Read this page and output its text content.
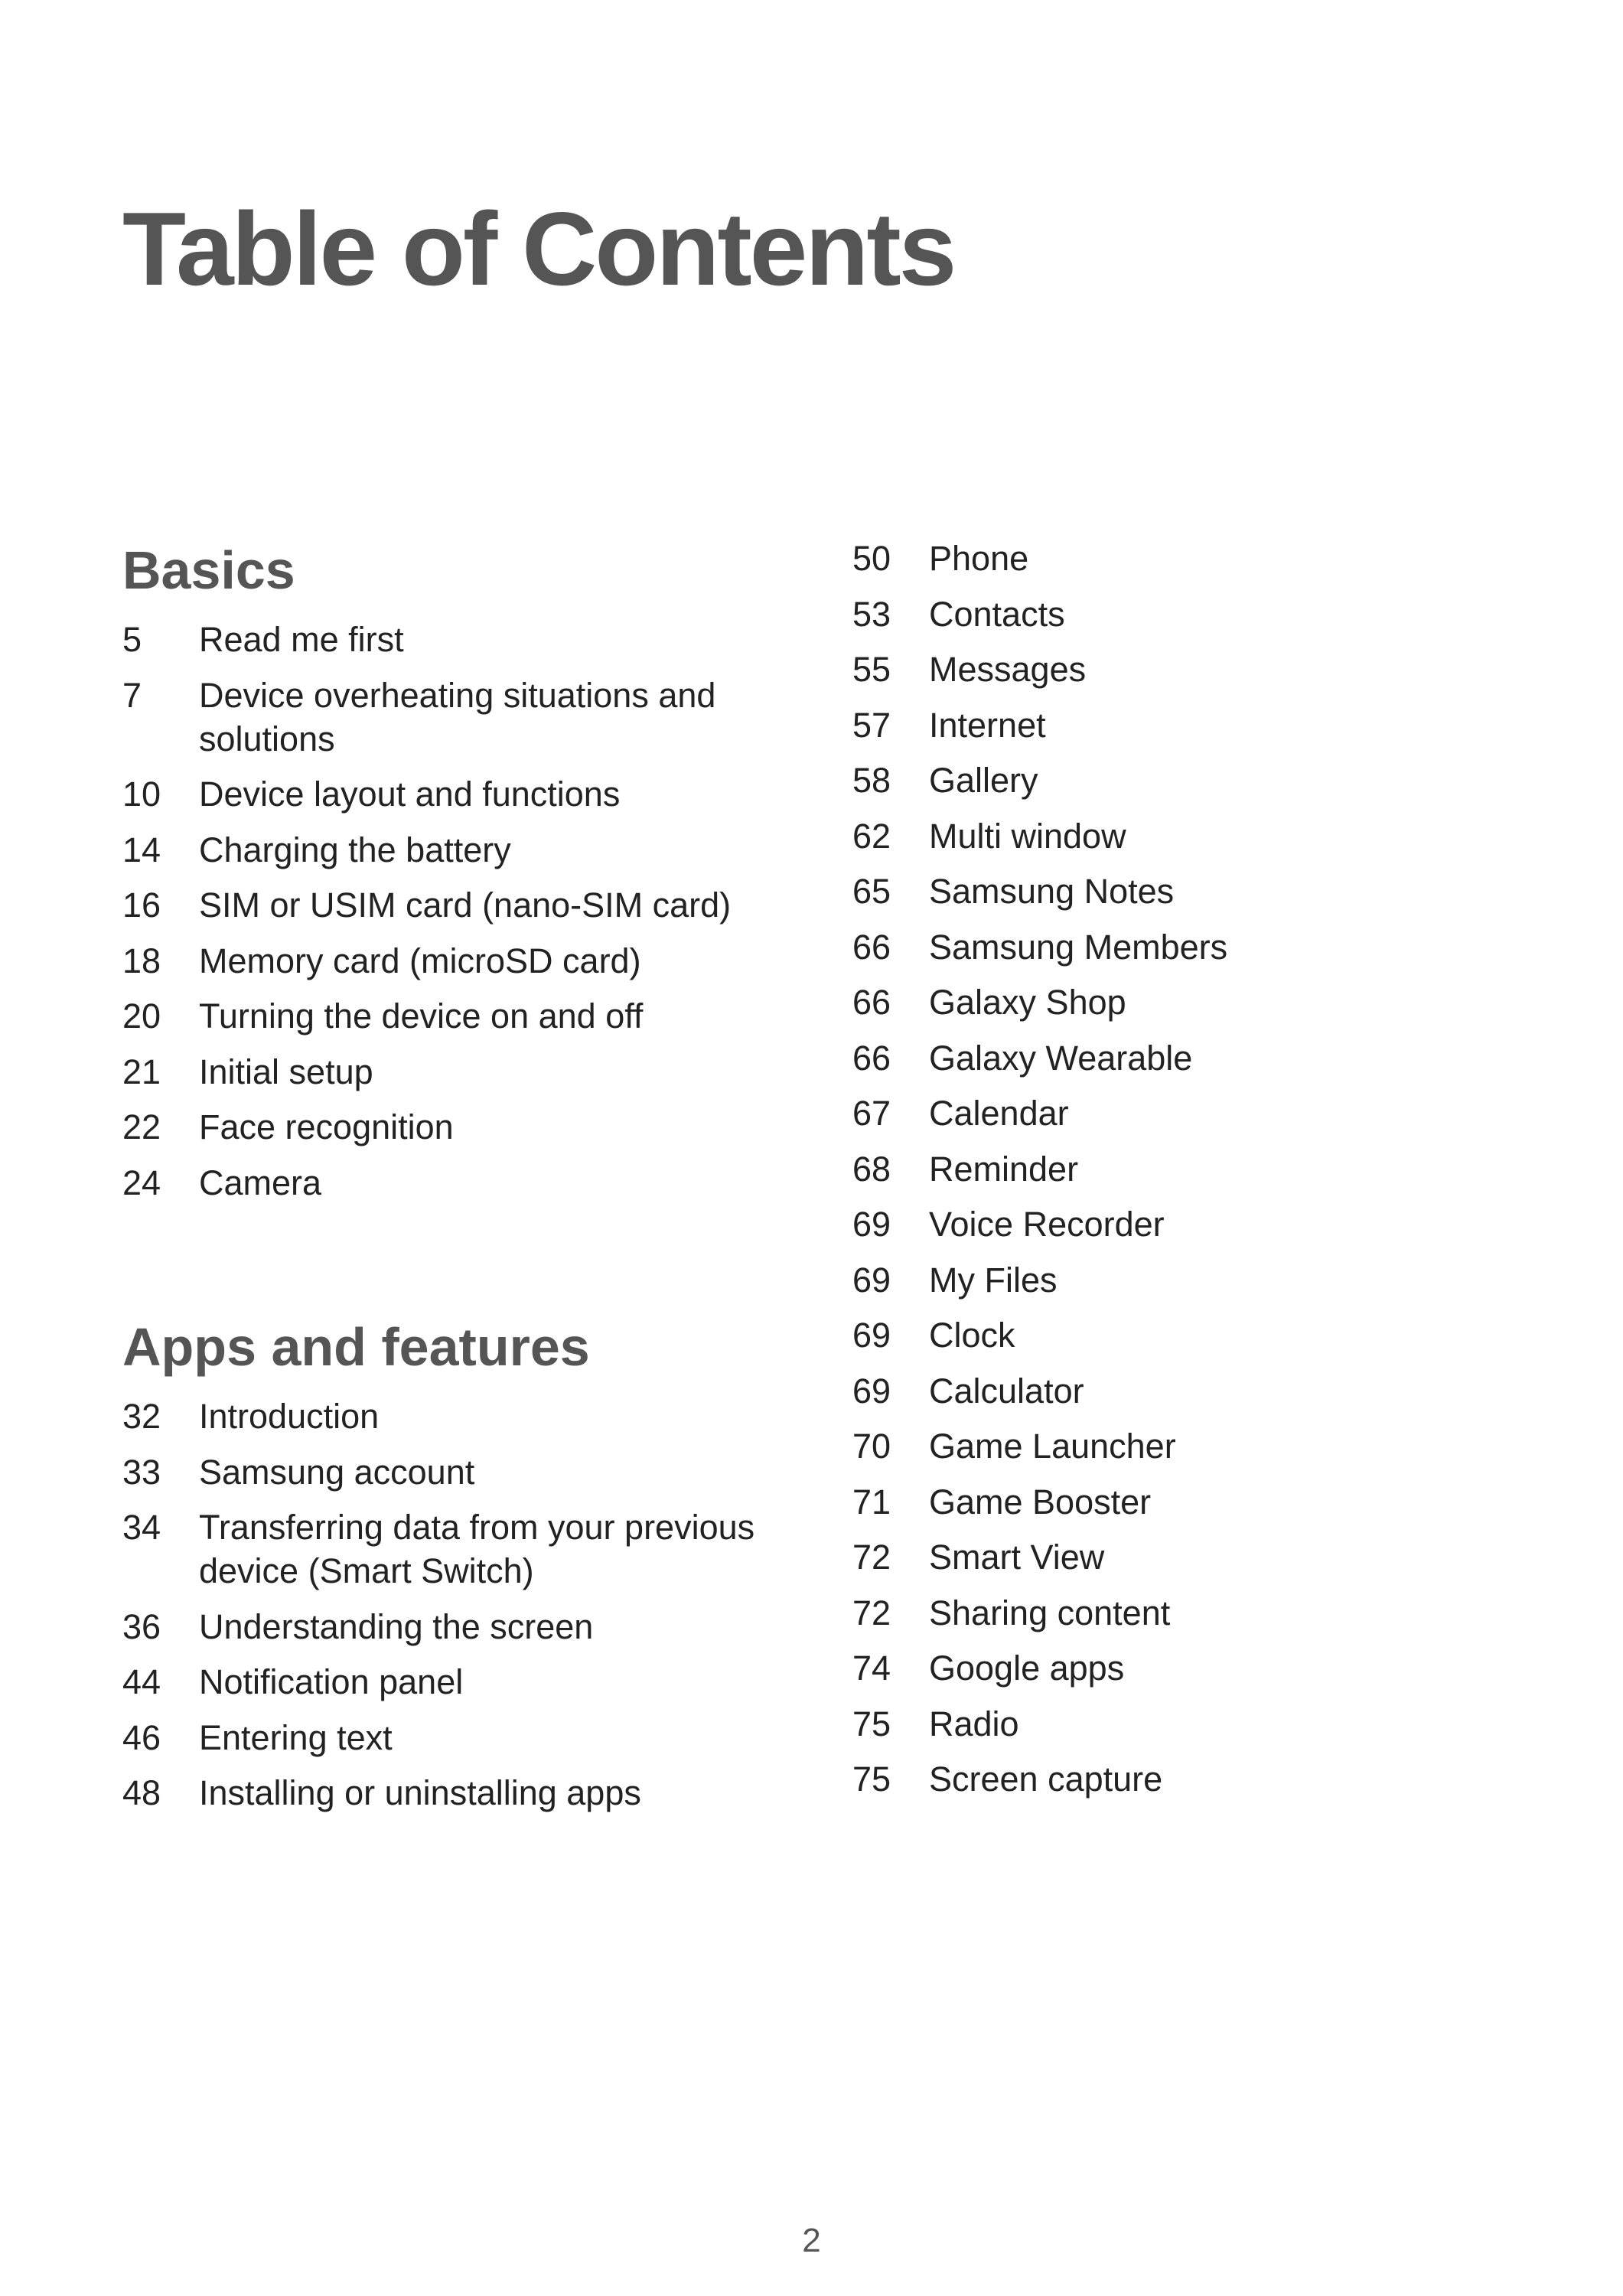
Table of Contents
Basics
5	Read me first
7	Device overheating situations and solutions
10	Device layout and functions
14	Charging the battery
16	SIM or USIM card (nano-SIM card)
18	Memory card (microSD card)
20	Turning the device on and off
21	Initial setup
22	Face recognition
24	Camera
Apps and features
32	Introduction
33	Samsung account
34	Transferring data from your previous device (Smart Switch)
36	Understanding the screen
44	Notification panel
46	Entering text
48	Installing or uninstalling apps
50	Phone
53	Contacts
55	Messages
57	Internet
58	Gallery
62	Multi window
65	Samsung Notes
66	Samsung Members
66	Galaxy Shop
66	Galaxy Wearable
67	Calendar
68	Reminder
69	Voice Recorder
69	My Files
69	Clock
69	Calculator
70	Game Launcher
71	Game Booster
72	Smart View
72	Sharing content
74	Google apps
75	Radio
75	Screen capture
2
